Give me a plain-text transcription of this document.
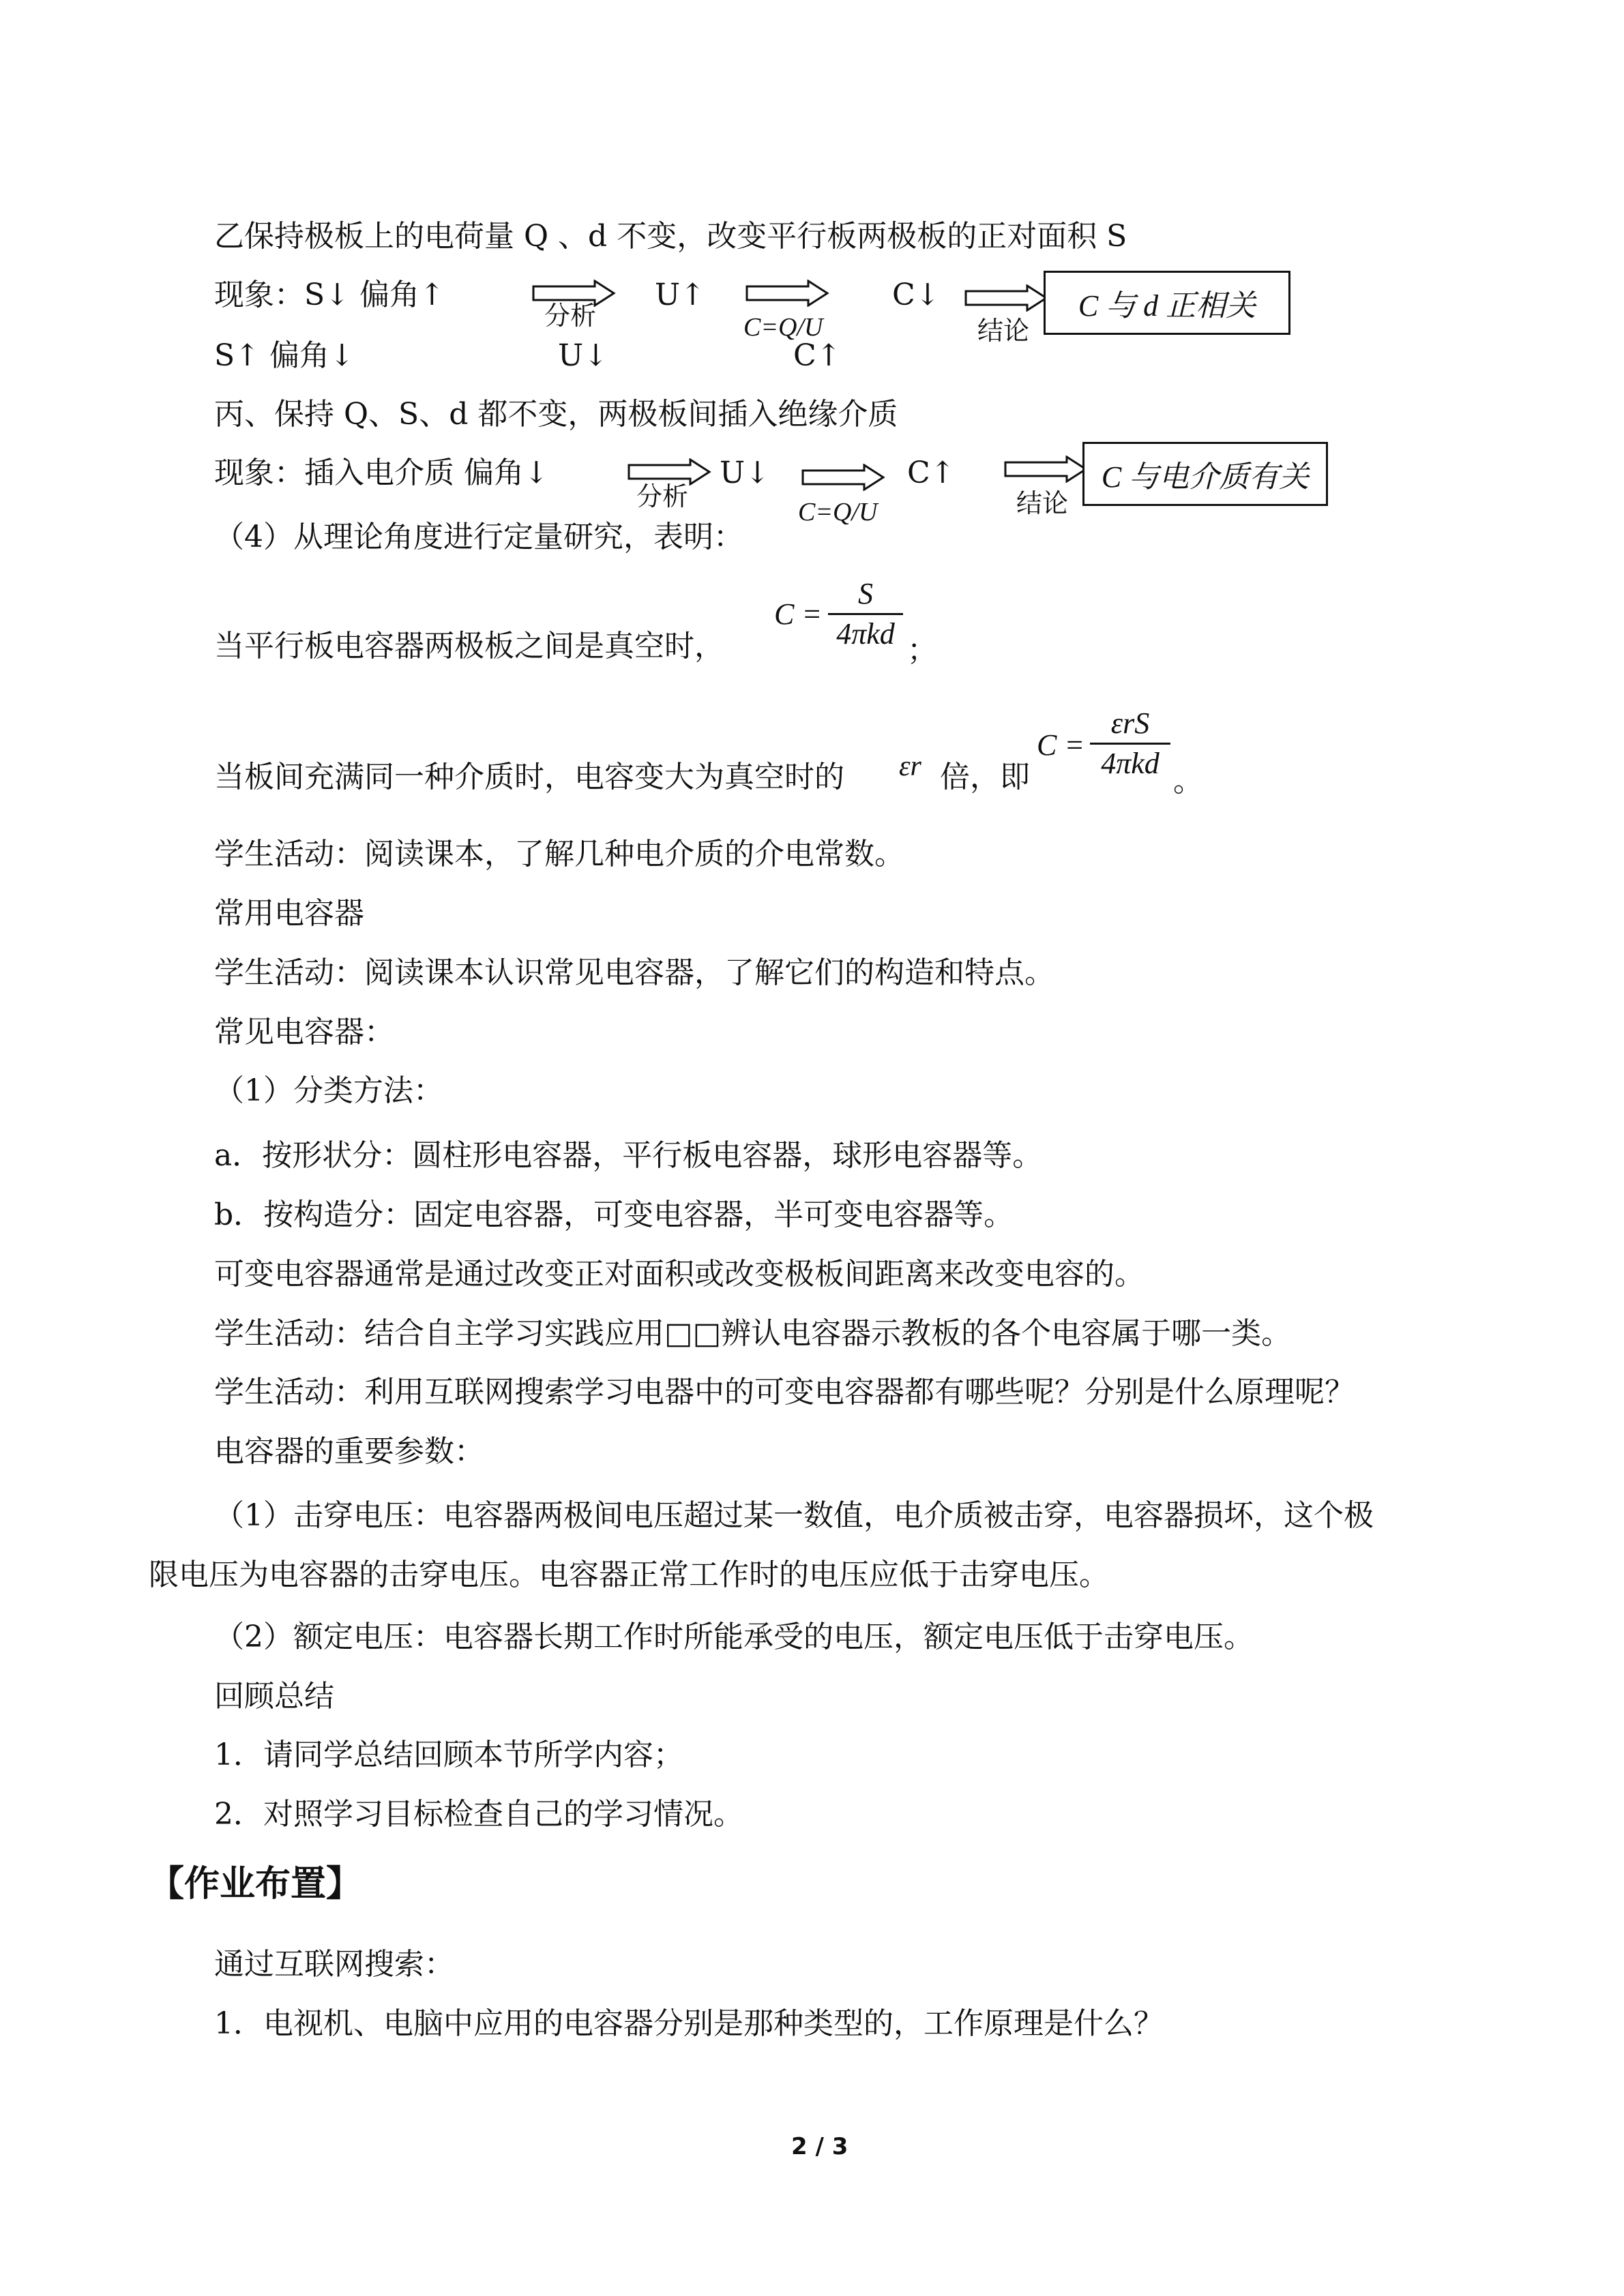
乙保持极板上的电荷量 Q 、d 不变，改变平行板两极板的正对面积 S
现象：S↓ 偏角↑
分析
U↑
C=Q/U
C↓
结论
C 与 d 正相关
S↑ 偏角↓	U↓	C↑
丙、保持 Q、S、d 都不变，两极板间插入绝缘介质
现象：插入电介质 偏角↓
分析
U↓
C=Q/U
C↑
结论
C 与电介质有关
（4）从理论角度进行定量研究，表明：
当平行板电容器两极板之间是真空时，
C =
S
4πkd ；
当板间充满同一种介质时，电容变大为真空时的 εr 倍，即
C =
εrS
4πkd
。
学生活动：阅读课本，了解几种电介质的介电常数。
常用电容器
学生活动：阅读课本认识常见电容器，了解它们的构造和特点。
常见电容器：
（1）分类方法：
a．按形状分：圆柱形电容器，平行板电容器，球形电容器等。
b．按构造分：固定电容器，可变电容器，半可变电容器等。
可变电容器通常是通过改变正对面积或改变极板间距离来改变电容的。
学生活动：结合自主学习实践应用□□辨认电容器示教板的各个电容属于哪一类。
学生活动：利用互联网搜索学习电器中的可变电容器都有哪些呢？分别是什么原理呢？
电容器的重要参数：
（1）击穿电压：电容器两极间电压超过某一数值，电介质被击穿，电容器损坏，这个极
限电压为电容器的击穿电压。电容器正常工作时的电压应低于击穿电压。
（2）额定电压：电容器长期工作时所能承受的电压，额定电压低于击穿电压。
回顾总结
1．请同学总结回顾本节所学内容；
2．对照学习目标检查自己的学习情况。
【作业布置】
通过互联网搜索：
1．电视机、电脑中应用的电容器分别是那种类型的，工作原理是什么？
2 / 3
